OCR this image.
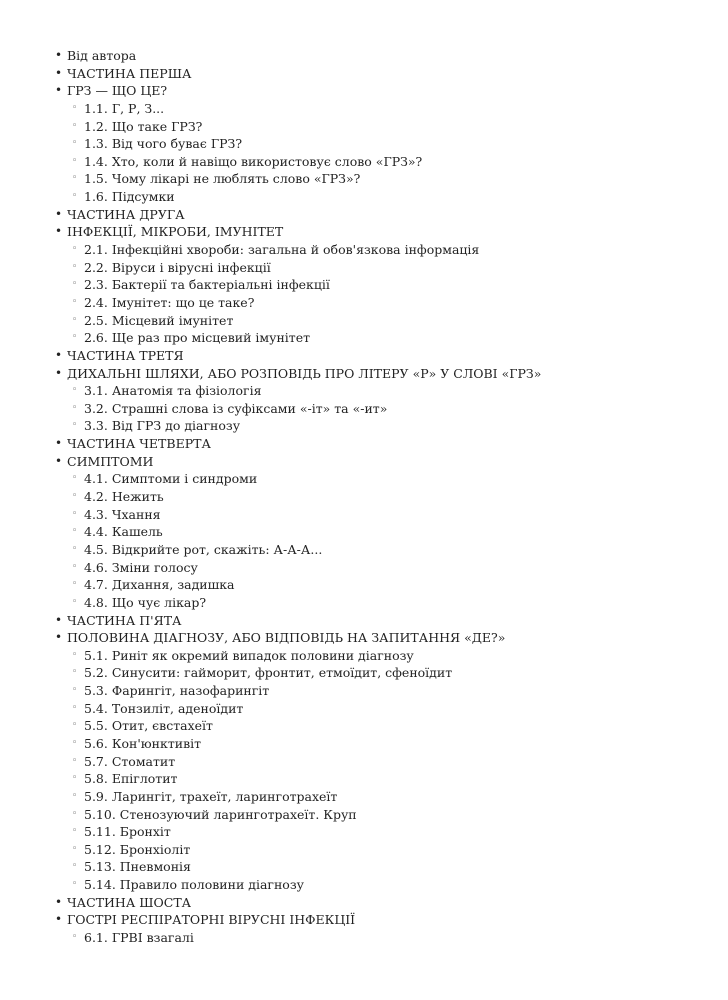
• Від автора
• ЧАСТИНА ПЕРША
• ГРЗ — ЩО ЦЕ?
◦ 1.1. Г, Р, З...
◦ 1.2. Що таке ГРЗ?
◦ 1.3. Від чого буває ГРЗ?
◦ 1.4. Хто, коли й навіщо використовує слово «ГРЗ»?
◦ 1.5. Чому лікарі не люблять слово «ГРЗ»?
◦ 1.6. Підсумки
• ЧАСТИНА ДРУГА
• ІНФЕКЦІЇ, МІКРОБИ, ІМУНІТЕТ
◦ 2.1. Інфекційні хвороби: загальна й обов'язкова інформація
◦ 2.2. Віруси і вірусні інфекції
◦ 2.3. Бактерії та бактеріальні інфекції
◦ 2.4. Імунітет: що це таке?
◦ 2.5. Місцевий імунітет
◦ 2.6. Ще раз про місцевий імунітет
• ЧАСТИНА ТРЕТЯ
• ДИХАЛЬНІ ШЛЯХИ, АБО РОЗПОВІДЬ ПРО ЛІТЕРУ «Р» У СЛОВІ «ГРЗ»
◦ 3.1. Анатомія та фізіологія
◦ 3.2. Страшні слова із суфіксами «-іт» та «-ит»
◦ 3.3. Від ГРЗ до діагнозу
• ЧАСТИНА ЧЕТВЕРТА
• СИМПТОМИ
◦ 4.1. Симптоми і синдроми
◦ 4.2. Нежить
◦ 4.3. Чхання
◦ 4.4. Кашель
◦ 4.5. Відкрийте рот, скажіть: А-А-А...
◦ 4.6. Зміни голосу
◦ 4.7. Дихання, задишка
◦ 4.8. Що чує лікар?
• ЧАСТИНА П'ЯТА
• ПОЛОВИНА ДІАГНОЗУ, АБО ВІДПОВІДЬ НА ЗАПИТАННЯ «ДЕ?»
◦ 5.1. Риніт як окремий випадок половини діагнозу
◦ 5.2. Синусити: гайморит, фронтит, етмоїдит, сфеноїдит
◦ 5.3. Фарингіт, назофарингіт
◦ 5.4. Тонзиліт, аденоїдит
◦ 5.5. Отит, євстахеїт
◦ 5.6. Кон'юнктивіт
◦ 5.7. Стоматит
◦ 5.8. Епіглотит
◦ 5.9. Ларингіт, трахеїт, ларинготрахеїт
◦ 5.10. Стенозуючий ларинготрахеїт. Круп
◦ 5.11. Бронхіт
◦ 5.12. Бронхіоліт
◦ 5.13. Пневмонія
◦ 5.14. Правило половини діагнозу
• ЧАСТИНА ШОСТА
• ГОСТРІ РЕСПІРАТОРНІ ВІРУСНІ ІНФЕКЦІЇ
◦ 6.1. ГРВІ взагалі
